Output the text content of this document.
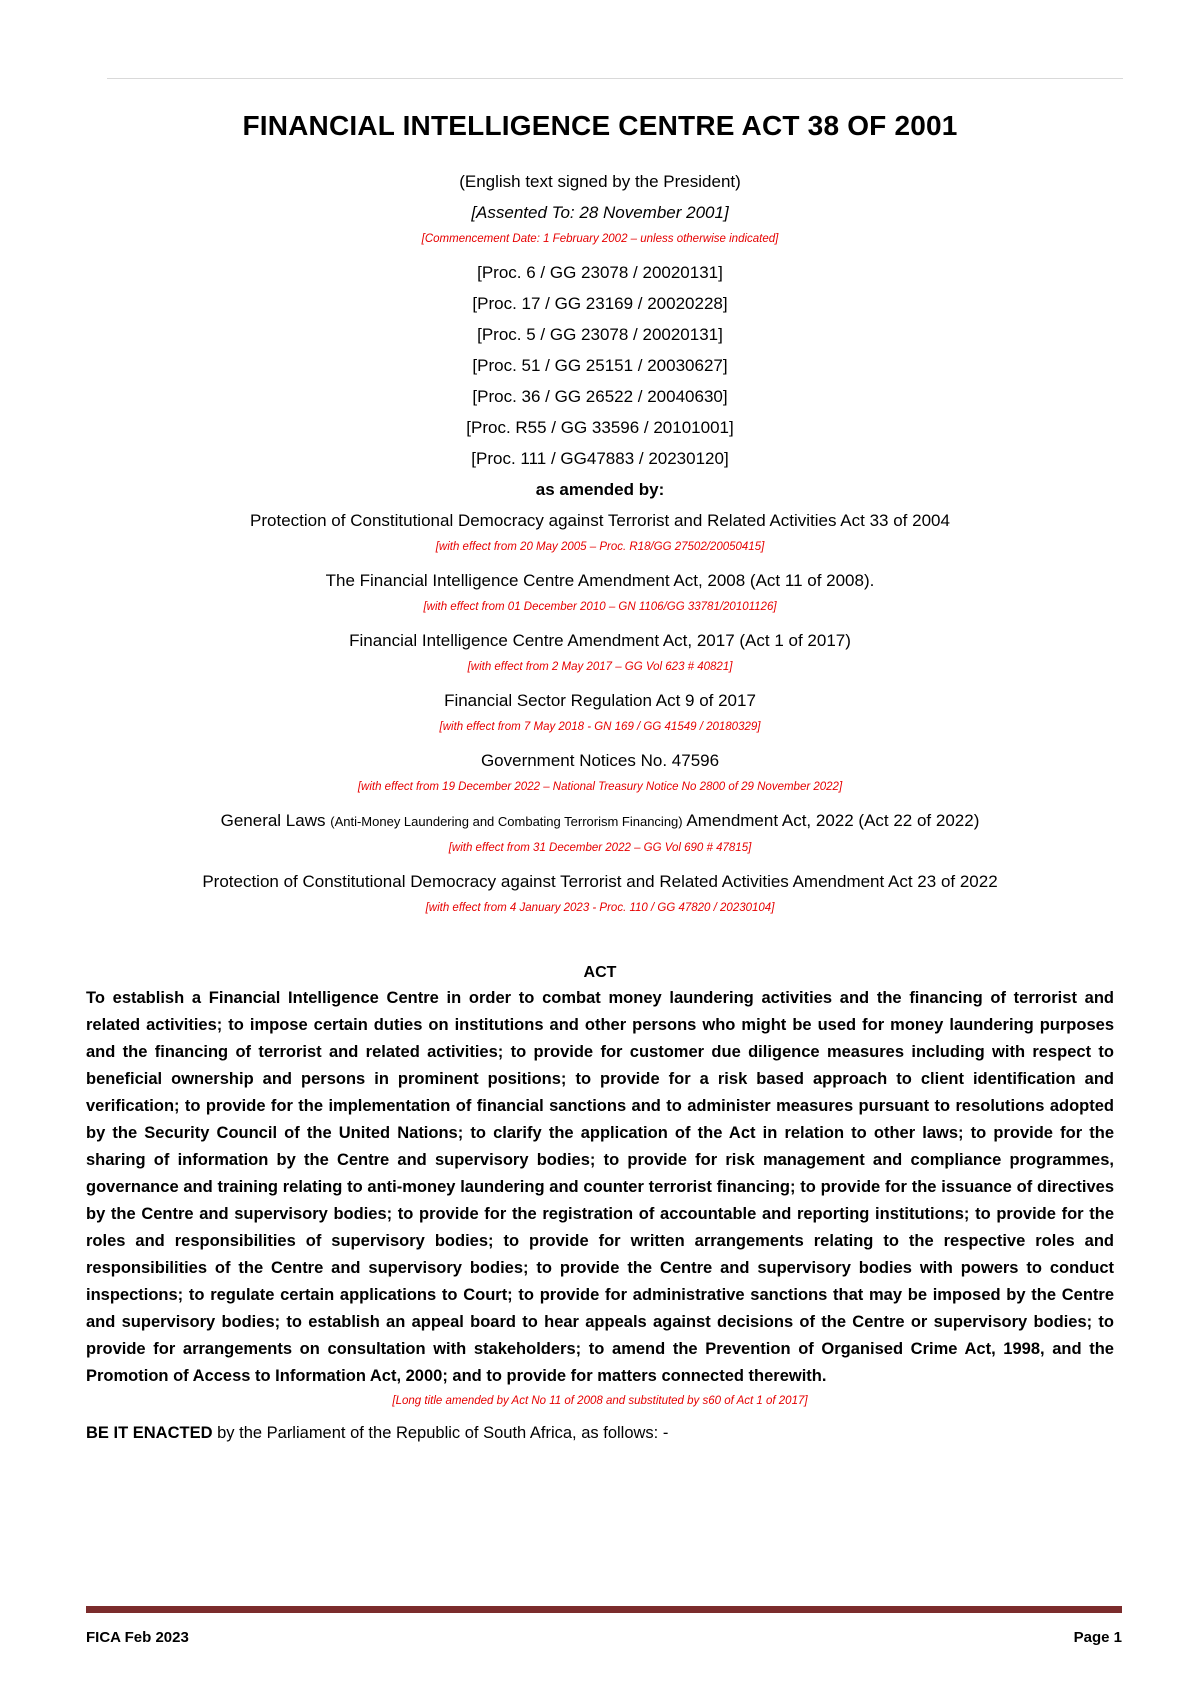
FINANCIAL INTELLIGENCE CENTRE ACT 38 OF 2001
(English text signed by the President)
[Assented To: 28 November 2001]
[Commencement Date: 1 February 2002 – unless otherwise indicated]
[Proc. 6 / GG 23078 / 20020131]
[Proc. 17 / GG 23169 / 20020228]
[Proc. 5 / GG 23078 / 20020131]
[Proc. 51 / GG 25151 / 20030627]
[Proc. 36 / GG 26522 / 20040630]
[Proc. R55 / GG 33596 / 20101001]
[Proc. 111 / GG47883 / 20230120]
as amended by:
Protection of Constitutional Democracy against Terrorist and Related Activities Act 33 of 2004
[with effect from 20 May 2005 – Proc. R18/GG 27502/20050415]
The Financial Intelligence Centre Amendment Act, 2008 (Act 11 of 2008).
[with effect from 01 December 2010 – GN 1106/GG 33781/20101126]
Financial Intelligence Centre Amendment Act, 2017 (Act 1 of 2017)
[with effect from 2 May 2017 – GG Vol 623 # 40821]
Financial Sector Regulation Act 9 of 2017
[with effect from 7 May 2018 - GN 169 / GG 41549 / 20180329]
Government Notices No. 47596
[with effect from 19 December 2022 – National Treasury Notice No 2800 of 29 November 2022]
General Laws (Anti-Money Laundering and Combating Terrorism Financing) Amendment Act, 2022 (Act 22 of 2022)
[with effect from 31 December 2022 – GG Vol 690 # 47815]
Protection of Constitutional Democracy against Terrorist and Related Activities Amendment Act 23 of 2022
[with effect from 4 January 2023 - Proc. 110 / GG 47820 / 20230104]
ACT

To establish a Financial Intelligence Centre in order to combat money laundering activities and the financing of terrorist and related activities; to impose certain duties on institutions and other persons who might be used for money laundering purposes and the financing of terrorist and related activities; to provide for customer due diligence measures including with respect to beneficial ownership and persons in prominent positions; to provide for a risk based approach to client identification and verification; to provide for the implementation of financial sanctions and to administer measures pursuant to resolutions adopted by the Security Council of the United Nations; to clarify the application of the Act in relation to other laws; to provide for the sharing of information by the Centre and supervisory bodies; to provide for risk management and compliance programmes, governance and training relating to anti-money laundering and counter terrorist financing; to provide for the issuance of directives by the Centre and supervisory bodies; to provide for the registration of accountable and reporting institutions; to provide for the roles and responsibilities of supervisory bodies; to provide for written arrangements relating to the respective roles and responsibilities of the Centre and supervisory bodies; to provide the Centre and supervisory bodies with powers to conduct inspections; to regulate certain applications to Court; to provide for administrative sanctions that may be imposed by the Centre and supervisory bodies; to establish an appeal board to hear appeals against decisions of the Centre or supervisory bodies; to provide for arrangements on consultation with stakeholders; to amend the Prevention of Organised Crime Act, 1998, and the Promotion of Access to Information Act, 2000; and to provide for matters connected therewith.

[Long title amended by Act No 11 of 2008 and substituted by s60 of Act 1 of 2017]
BE IT ENACTED by the Parliament of the Republic of South Africa, as follows: -
FICA Feb 2023	Page 1
